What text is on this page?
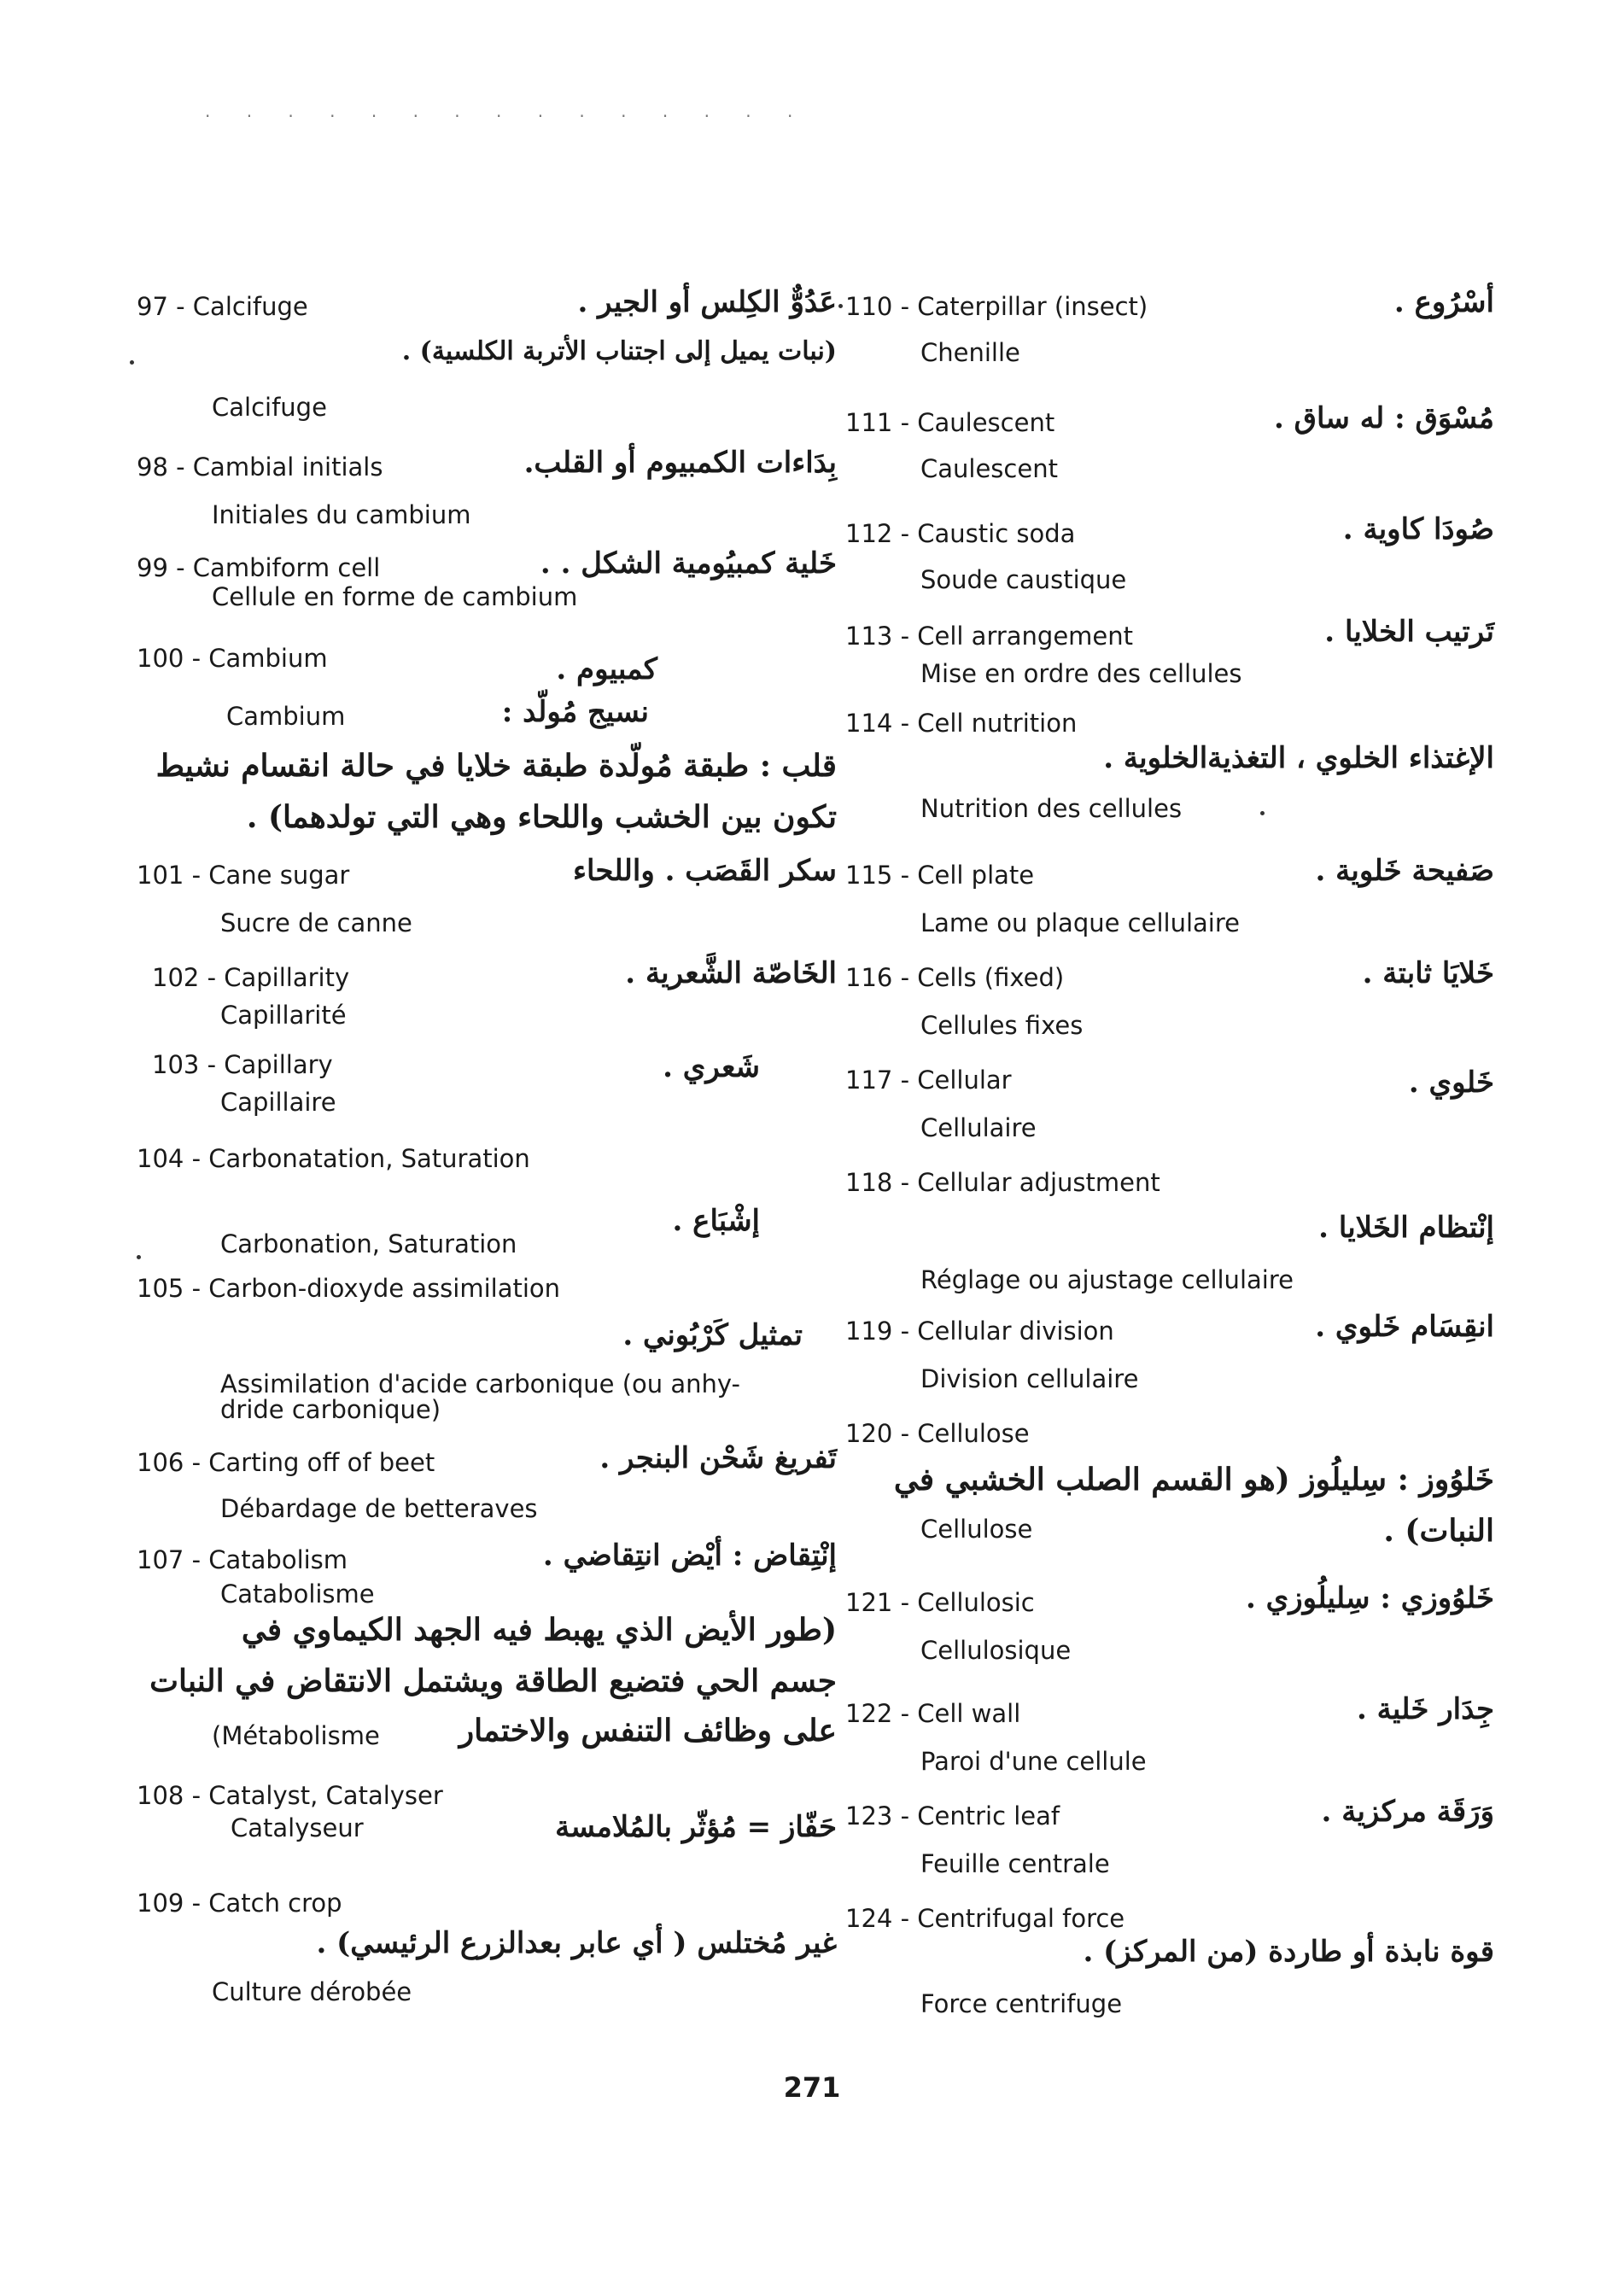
. . . . . . . . . . . . . . .
97 - Calcifuge	عَدُوٌّ الكِلس أو الجير .
(نبات يميل إلى اجتناب الأتربة الكلسية) .
Calcifuge
98 - Cambial initials	بِدَاءات الكمبيوم أو القلب.
Initiales du cambium
99 - Cambiform cell	خَلية كمبيُومية الشكل . .
Cellule en forme de cambium
100 - Cambium	كمبيوم .
Cambium	نسيج مُولّد :
قلب : طبقة مُولّدة طبقة خلايا في حالة انقسام نشيط
تكون بين الخشب واللحاء وهي التي تولدهما) .
101 - Cane sugar	سكر القَصَب . واللحاء
Sucre de canne
102 - Capillarity	الخَاصّة الشَّعرية .
Capillarité
103 - Capillary	شَعري .
Capillaire
104 - Carbonatation, Saturation
إشْبَاع .
Carbonation, Saturation
105 - Carbon-dioxyde assimilation
تمثيل كَرْبُوني .
Assimilation d'acide carbonique (ou anhy-
dride carbonique)
106 - Carting off of beet	تَفريغ شَحْن البنجر .
Débardage de betteraves
107 - Catabolism	إنْتِقاض : أيْض انتِقاضي .
Catabolisme
(طور الأيض الذي يهبط فيه الجهد الكيماوي في
جسم الحي فتضيع الطاقة ويشتمل الانتقاض في النبات
(Métabolisme	على وظائف التنفس والاختمار
108 - Catalyst, Catalyser
حَفّاز = مُؤثّر بالمُلامسة
Catalyseur
109 - Catch crop
غير مُختلس ( أي عابر بعدالزرع الرئيسي) .
Culture dérobée
110 - Caterpillar (insect)	أسْرُوع .
Chenille
111 - Caulescent	مُسْوَق : له ساق .
Caulescent
112 - Caustic soda	صُودَا كاوية .
Soude caustique
113 - Cell arrangement	تَرتيب الخلايا .
Mise en ordre des cellules
114 - Cell nutrition
الإغتذاء الخلوي ، التغذيةالخلوية .
Nutrition des cellules
115 - Cell plate	صَفيحة خَلوية .
Lame ou plaque cellulaire
116 - Cells (fixed)	خَلايَا ثابتة .
Cellules fixes
117 - Cellular	خَلوي .
Cellulaire
118 - Cellular adjustment
إنْتظام الخَلايا .
Réglage ou ajustage cellulaire
119 - Cellular division	انقِسَام خَلوي .
Division cellulaire
120 - Cellulose
خَلوُوز : سِليلُوز (هو القسم الصلب الخشبي في
Cellulose	النبات) .
121 - Cellulosic	خَلوُوزي : سِليلُوزي .
Cellulosique
122 - Cell wall	جِدَار خَلية .
Paroi d'une cellule
123 - Centric leaf	وَرَقَة مركزية .
Feuille centrale
124 - Centrifugal force
قوة نابذة أو طاردة (من المركز) .
Force centrifuge
271
